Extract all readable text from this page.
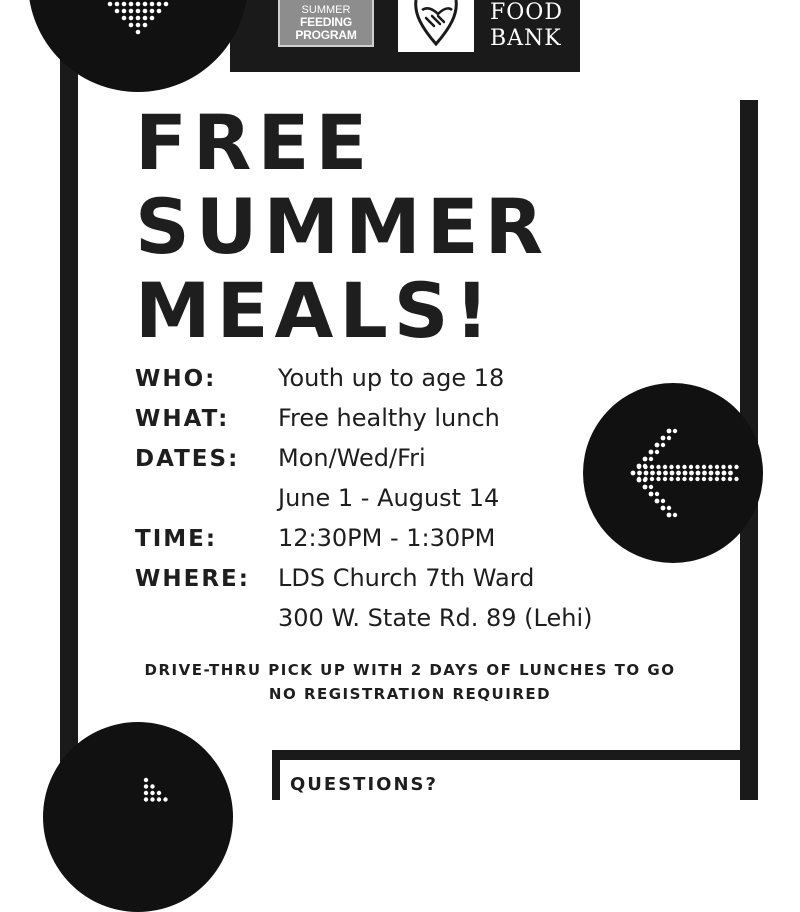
SUMMER
FEEDING
PROGRAM
FOOD
BANK
FREE
SUMMER
MEALS!
WHO:	Youth up to age 18
WHAT: Free healthy lunch
DATES: Mon/Wed/Fri
June 1 - August 14
TIME:	12:30PM - 1:30PM
WHERE: LDS Church 7th Ward
300 W. State Rd. 89 (Lehi)
DRIVE-THRU PICK UP WITH 2 DAYS OF LUNCHES TO GO
NO REGISTRATION REQUIRED
QUESTIONS?
